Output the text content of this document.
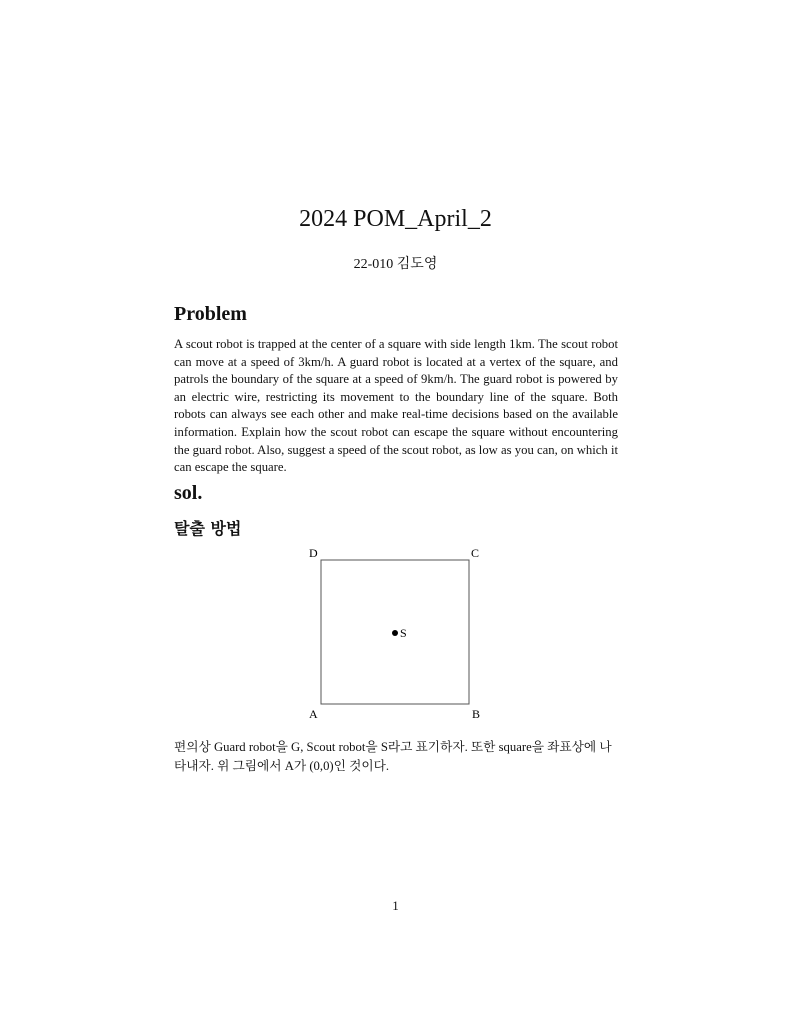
2024 POM_April_2
22-010 김도영
Problem
A scout robot is trapped at the center of a square with side length 1km. The scout robot can move at a speed of 3km/h. A guard robot is located at a vertex of the square, and patrols the boundary of the square at a speed of 9km/h. The guard robot is powered by an electric wire, restricting its movement to the boundary line of the square. Both robots can always see each other and make real-time decisions based on the available information. Explain how the scout robot can escape the square without encountering the guard robot. Also, suggest a speed of the scout robot, as low as you can, on which it can escape the square.
sol.
탈출 방법
S
D	C
A	B
편의상 Guard robot을 G, Scout robot을 S라고 표기하자. 또한 square을 좌표상에 나타내자. 위 그림에서 A가 (0,0)인 것이다.
1
